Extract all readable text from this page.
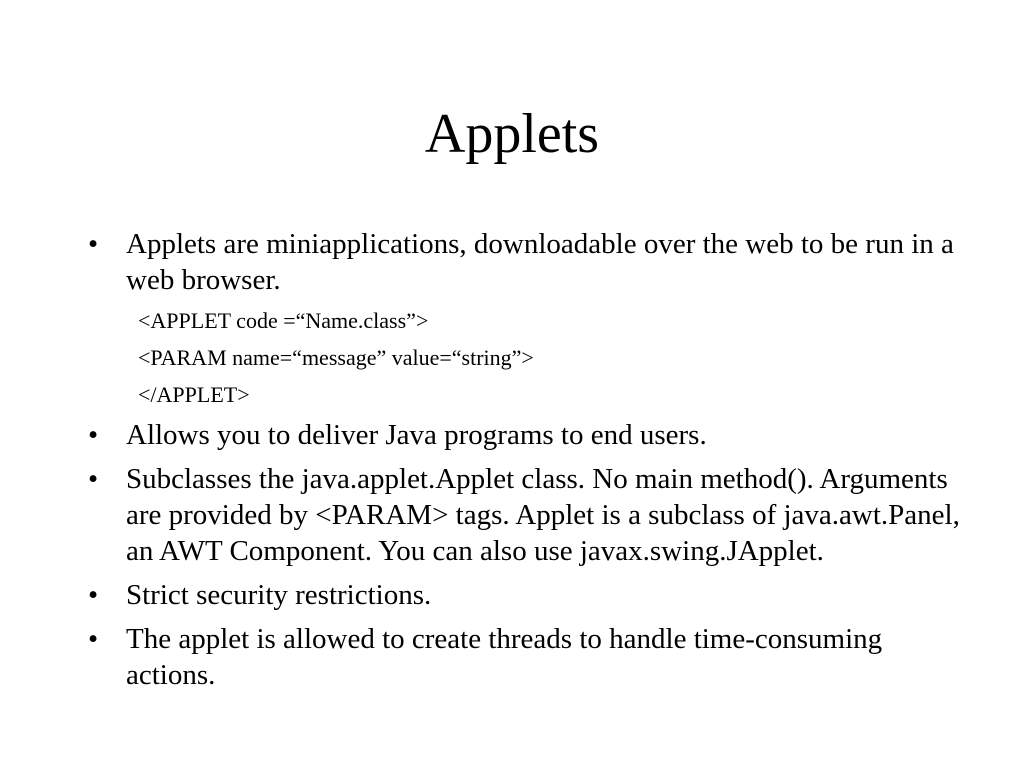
Applets
• Applets are miniapplications, downloadable over the web to be run in a web browser.
<APPLET code =“Name.class”>
<PARAM name=“message” value=“string”>
</APPLET>
• Allows you to deliver Java programs to end users.
• Subclasses the java.applet.Applet class. No main method(). Arguments are provided by <PARAM> tags. Applet is a subclass of java.awt.Panel, an AWT Component. You can also use javax.swing.JApplet.
• Strict security restrictions.
• The applet is allowed to create threads to handle time-consuming actions.
